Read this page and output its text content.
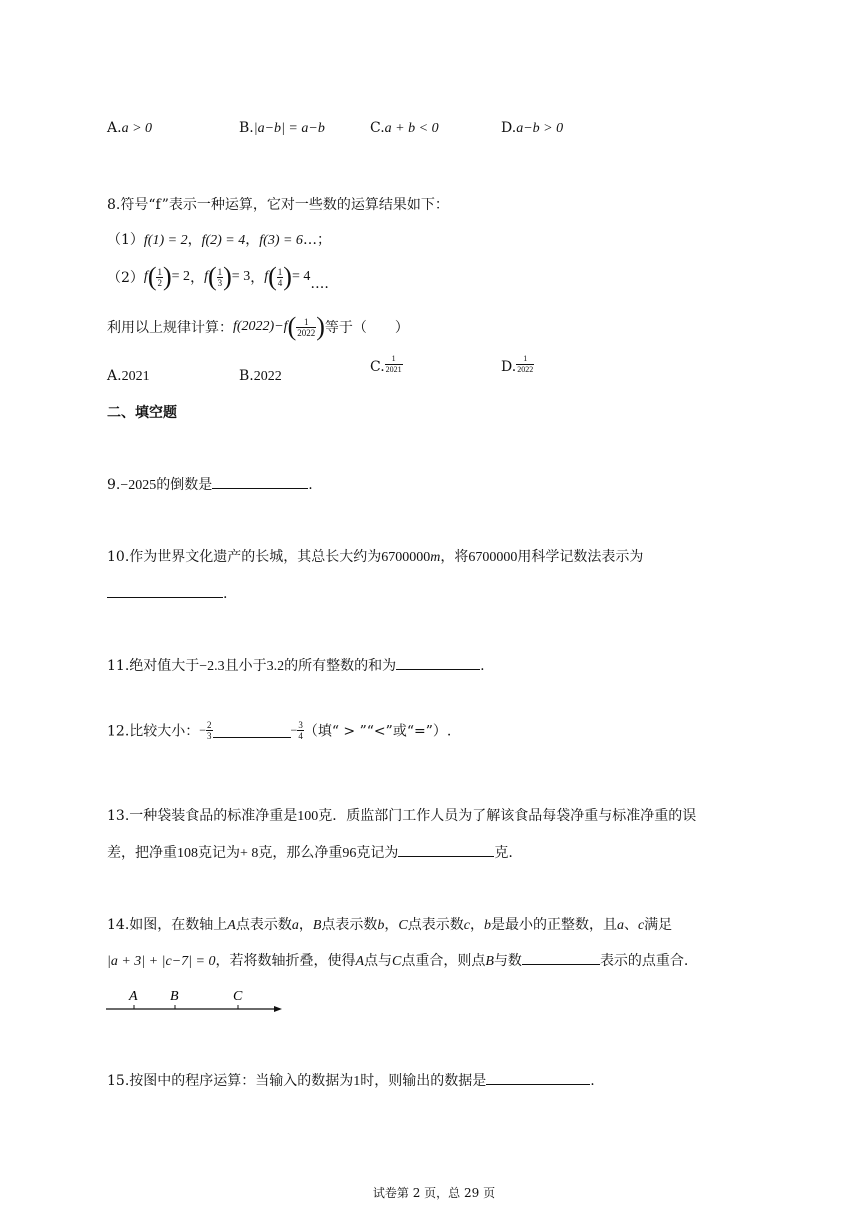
A.a > 0	B.|a−b| = a−b	C.a + b < 0	D.a−b > 0
8.符号“f”表示一种运算，它对一些数的运算结果如下：
（1）f(1) = 2，f(2) = 4，f(3) = 6…；
$(2)f( \frac{1}{2}$ )= 2，$f( \frac{1}{3}$ )= 3，$f( \frac{1}{4}$ )= 4….
利用以上规律计算：$f(2022)-f( \frac{1}{2022}$ )等于（　　）
A.2021	B.2022
C. $\frac{1}{2021}$	D. $\frac{1}{2022}$
二、填空题
9.−2025的倒数是	.
10.作为世界文化遗产的长城，其总长大约为6700000m，将6700000用科学记数法表示为
.
11.绝对值大于−2.3且小于3.2的所有整数的和为	.
12.比较大小：− $\frac{2}{3}$	− $\frac{3}{4}$ （填“ > ”“<”或“=”）.
13.一种袋装食品的标准净重是100克．质监部门工作人员为了解该食品每袋净重与标准净重的误
差，把净重108克记为+ 8克，那么净重96克记为	克.
14.如图，在数轴上A点表示数a，B点表示数b，C点表示数c，b是最小的正整数，且a、c满足
|a + 3| + |c−7| = 0，若将数轴折叠，使得A点与C点重合，则点B与数	表示的点重合.
A B	C
15.按图中的程序运算：当输入的数据为1时，则输出的数据是	.
试卷第 2 页，总 29 页
